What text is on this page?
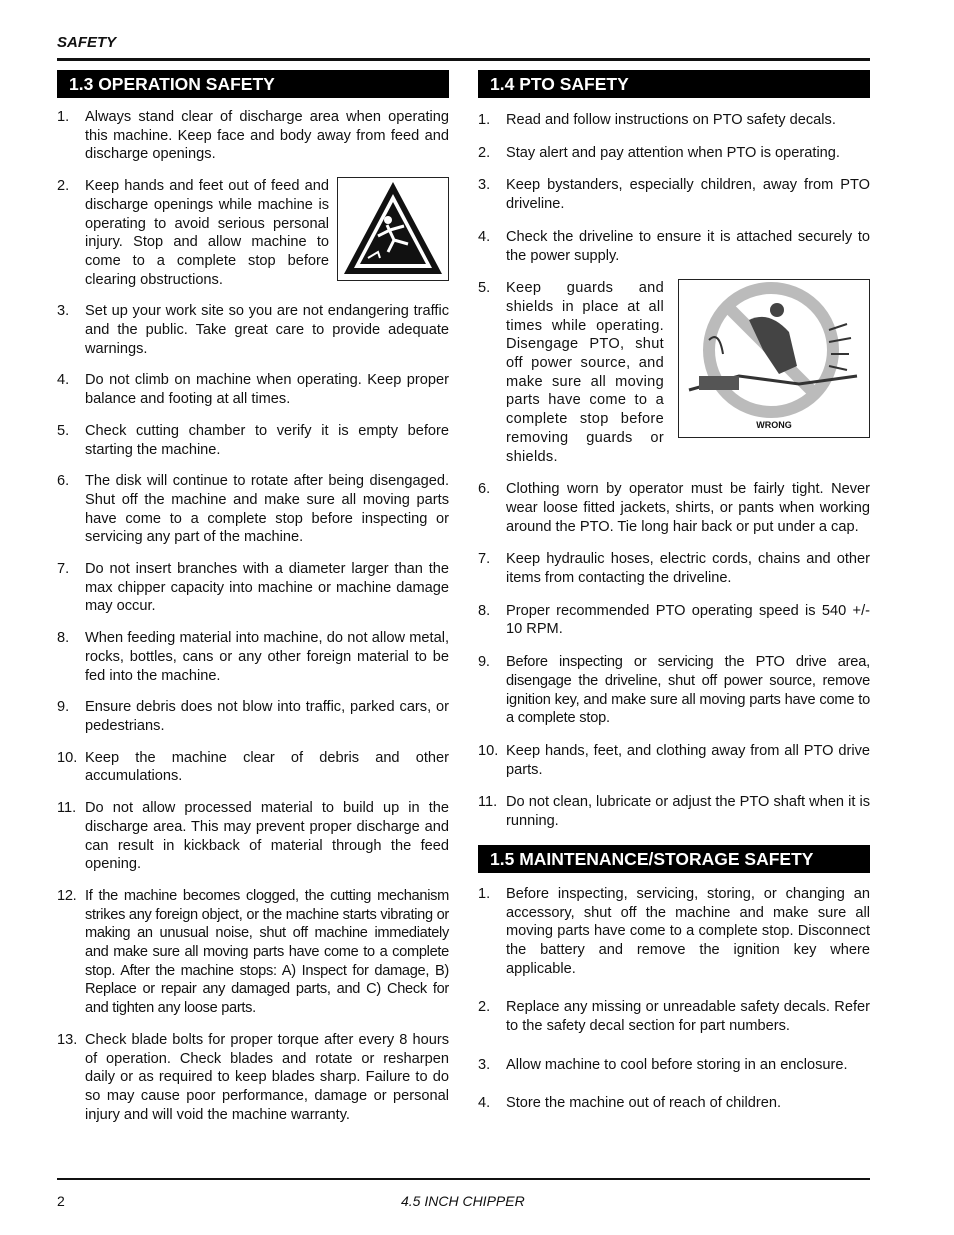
SAFETY
1.3 OPERATION SAFETY
1. Always stand clear of discharge area when operating this machine. Keep face and body away from feed and discharge openings.
2. Keep hands and feet out of feed and discharge openings while machine is operating to avoid serious personal injury. Stop and allow machine to come to a complete stop before clearing obstructions.
3. Set up your work site so you are not endangering traffic and the public. Take great care to provide adequate warnings.
4. Do not climb on machine when operating. Keep proper balance and footing at all times.
5. Check cutting chamber to verify it is empty before starting the machine.
6. The disk will continue to rotate after being disengaged. Shut off the machine and make sure all moving parts have come to a complete stop before inspecting or servicing any part of the machine.
7. Do not insert branches with a diameter larger than the max chipper capacity into machine or machine damage may occur.
8. When feeding material into machine, do not allow metal, rocks, bottles, cans or any other foreign material to be fed into the machine.
9. Ensure debris does not blow into traffic, parked cars, or pedestrians.
10. Keep the machine clear of debris and other accumulations.
11. Do not allow processed material to build up in the discharge area. This may prevent proper discharge and can result in kickback of material through the feed opening.
12. If the machine becomes clogged, the cutting mechanism strikes any foreign object, or the machine starts vibrating or making an unusual noise, shut off machine immediately and make sure all moving parts have come to a complete stop. After the machine stops: A) Inspect for damage, B) Replace or repair any damaged parts, and C) Check for and tighten any loose parts.
13. Check blade bolts for proper torque after every 8 hours of operation. Check blades and rotate or resharpen daily or as required to keep blades sharp. Failure to do so may cause poor performance, damage or personal injury and will void the machine warranty.
1.4 PTO SAFETY
1. Read and follow instructions on PTO safety decals.
2. Stay alert and pay attention when PTO is operating.
3. Keep bystanders, especially children, away from PTO driveline.
4. Check the driveline to ensure it is attached securely to the power supply.
WRONG
5. Keep guards and shields in place at all times while operating. Disengage PTO, shut off power source, and make sure all moving parts have come to a complete stop before removing guards or shields.
6. Clothing worn by operator must be fairly tight. Never wear loose fitted jackets, shirts, or pants when working around the PTO. Tie long hair back or put under a cap.
7. Keep hydraulic hoses, electric cords, chains and other items from contacting the driveline.
8. Proper recommended PTO operating speed is 540 +/- 10 RPM.
9. Before inspecting or servicing the PTO drive area, disengage the driveline, shut off power source, remove ignition key, and make sure all moving parts have come to a complete stop.
10. Keep hands, feet, and clothing away from all PTO drive parts.
11. Do not clean, lubricate or adjust the PTO shaft when it is running.
1.5 MAINTENANCE/STORAGE SAFETY
1. Before inspecting, servicing, storing, or changing an accessory, shut off the machine and make sure all moving parts have come to a complete stop. Disconnect the battery and remove the ignition key where applicable.
2. Replace any missing or unreadable safety decals. Refer to the safety decal section for part numbers.
3. Allow machine to cool before storing in an enclosure.
4. Store the machine out of reach of children.
2	4.5 INCH CHIPPER
